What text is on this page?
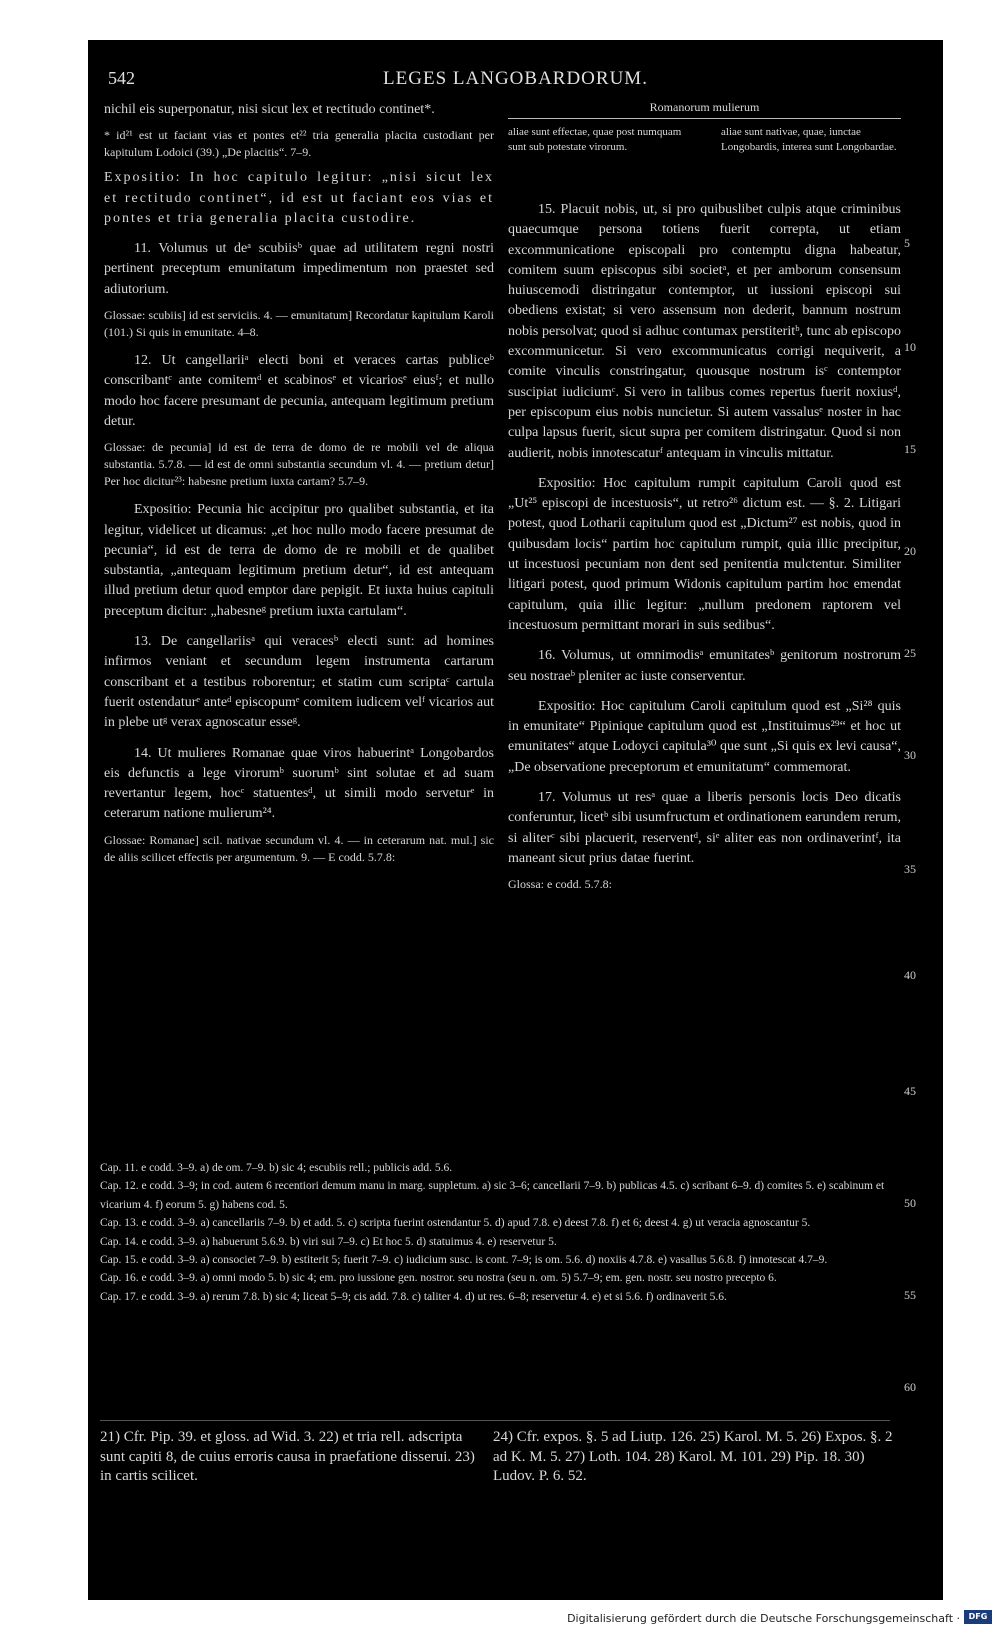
542	LEGES LANGOBARDORUM.

nichil eis superponatur, nisi sicut lex et rectitudo continet*.

* id²¹ est ut faciant vias et pontes et²² tria generalia placita custodiant per kapitulum Lodoici (39.) „De placitis“. 7–9.

Expositio: In hoc capitulo legitur: „nisi sicut lex et rectitudo continet“, id est ut faciant eos vias et pontes et tria generalia placita custodire.

11. Volumus ut deᵃ scubiisᵇ quae ad utilitatem regni nostri pertinent preceptum emunitatum impedimentum non praestet sed adiutorium.

Glossae: scubiis] id est serviciis. 4. — emunitatum] Recordatur kapitulum Karoli (101.) Si quis in emunitate. 4–8.

12. Ut cangellariiᵃ electi boni et veraces cartas publiceᵇ conscribantᶜ ante comitemᵈ et scabinosᵉ et vicariosᵉ eiusᶠ; et nullo modo hoc facere presumant de pecunia, antequam legitimum pretium detur.

Glossae: de pecunia] id est de terra de domo de re mobili vel de aliqua substantia. 5.7.8. — id est de omni substantia secundum vl. 4. — pretium detur] Per hoc dicitur²³: habesne pretium iuxta cartam? 5.7–9.

Expositio: Pecunia hic accipitur pro qualibet substantia, et ita legitur, videlicet ut dicamus: „et hoc nullo modo facere presumat de pecunia“, id est de terra de domo de re mobili et de qualibet substantia, „antequam legitimum pretium detur“, id est antequam illud pretium detur quod emptor dare pepigit. Et iuxta huius capituli preceptum dicitur: „habesneᵍ pretium iuxta cartulam“.

13. De cangellariisᵃ qui veracesᵇ electi sunt: ad homines infirmos veniant et secundum legem instrumenta cartarum conscribant et a testibus roborentur; et statim cum scriptaᶜ cartula fuerit ostendaturᵉ anteᵈ episcopumᵉ comitem iudicem velᶠ vicarios aut in plebe utᵍ verax agnoscatur esseᵍ.

14. Ut mulieres Romanae quae viros habuerintᵃ Longobardos eis defunctis a lege virorumᵇ suorumᵇ sint solutae et ad suam revertantur legem, hocᶜ statuentesᵈ, ut simili modo serveturᵉ in ceterarum natione mulierum²⁴.

Glossae: Romanae] scil. nativae secundum vl. 4. — in ceterarum nat. mul.] sic de aliis scilicet effectis per argumentum. 9. — E codd. 5.7.8:

Romanorum mulierum
aliae sunt effectae, quae post numquam sunt sub potestate virorum.
aliae sunt nativae, quae, iunctae Longobardis, interea sunt Longobardae.

15. Placuit nobis, ut, si pro quibuslibet culpis atque criminibus quaecumque persona totiens fuerit correpta, ut etiam excommunicatione episcopali pro contemptu digna habeatur, comitem suum episcopus sibi societᵃ, et per amborum consensum huiuscemodi distringatur contemptor, ut iussioni episcopi sui obediens existat; si vero assensum non dederit, bannum nostrum nobis persolvat; quod si adhuc contumax perstiteritᵇ, tunc ab episcopo excommunicetur. Si vero excommunicatus corrigi nequiverit, a comite vinculis constringatur, quousque nostrum isᶜ contemptor suscipiat iudiciumᶜ. Si vero in talibus comes repertus fuerit noxiusᵈ, per episcopum eius nobis nuncietur. Si autem vassalusᵉ noster in hac culpa lapsus fuerit, sicut supra per comitem distringatur. Quod si non audierit, nobis innotescaturᶠ antequam in vinculis mittatur.

Expositio: Hoc capitulum rumpit capitulum Caroli quod est „Ut²⁵ episcopi de incestuosis“, ut retro²⁶ dictum est. — §. 2. Litigari potest, quod Lotharii capitulum quod est „Dictum²⁷ est nobis, quod in quibusdam locis“ partim hoc capitulum rumpit, quia illic precipitur, ut incestuosi pecuniam non dent sed penitentia mulctentur. Similiter litigari potest, quod primum Widonis capitulum partim hoc emendat capitulum, quia illic legitur: „nullum predonem raptorem vel incestuosum permittant morari in suis sedibus“.

16. Volumus, ut omnimodisᵃ emunitatesᵇ genitorum nostrorum seu nostraeᵇ pleniter ac iuste conserventur.

Expositio: Hoc capitulum Caroli capitulum quod est „Si²⁸ quis in emunitate“ Pipinique capitulum quod est „Instituimus²⁹“ et hoc ut emunitates“ atque Lodoyci capitula³⁰ que sunt „Si quis ex levi causa“, „De observatione preceptorum et emunitatum“ commemorat.

17. Volumus ut resᵃ quae a liberis personis locis Deo dicatis conferuntur, licetᵇ sibi usumfructum et ordinationem earundem rerum, si aliterᶜ sibi placuerit, reserventᵈ, siᵉ aliter eas non ordinaverintᶠ, ita maneant sicut prius datae fuerint.

Glossa: e codd. 5.7.8:

5
10
15
20
25
30
35
40
45
50
55
60

Cap. 11. e codd. 3–9. a) de om. 7–9. b) sic 4; escubiis rell.; publicis add. 5.6.

Cap. 12. e codd. 3–9; in cod. autem 6 recentiori demum manu in marg. suppletum. a) sic 3–6; cancellarii 7–9. b) publicas 4.5. c) scribant 6–9. d) comites 5. e) scabinum et vicarium 4. f) eorum 5. g) habens cod. 5.

Cap. 13. e codd. 3–9. a) cancellariis 7–9. b) et add. 5. c) scripta fuerint ostendantur 5. d) apud 7.8. e) deest 7.8. f) et 6; deest 4. g) ut veracia agnoscantur 5.

Cap. 14. e codd. 3–9. a) habuerunt 5.6.9. b) viri sui 7–9. c) Et hoc 5. d) statuimus 4. e) reservetur 5.

Cap. 15. e codd. 3–9. a) consociet 7–9. b) estiterit 5; fuerit 7–9. c) iudicium susc. is cont. 7–9; is om. 5.6. d) noxiis 4.7.8. e) vasallus 5.6.8. f) innotescat 4.7–9.

Cap. 16. e codd. 3–9. a) omni modo 5. b) sic 4; em. pro iussione gen. nostror. seu nostra (seu n. om. 5) 5.7–9; em. gen. nostr. seu nostro precepto 6.

Cap. 17. e codd. 3–9. a) rerum 7.8. b) sic 4; liceat 5–9; cis add. 7.8. c) taliter 4. d) ut res. 6–8; reservetur 4. e) et si 5.6. f) ordinaverit 5.6.

21) Cfr. Pip. 39. et gloss. ad Wid. 3. 22) et tria rell. adscripta sunt capiti 8, de cuius erroris causa in praefatione disserui. 23) in cartis scilicet.
24) Cfr. expos. §. 5 ad Liutp. 126. 25) Karol. M. 5. 26) Expos. §. 2 ad K. M. 5. 27) Loth. 104. 28) Karol. M. 101. 29) Pip. 18. 30) Ludov. P. 6. 52.
Digitalisierung gefördert durch die Deutsche Forschungsgemeinschaft ·	DFG
